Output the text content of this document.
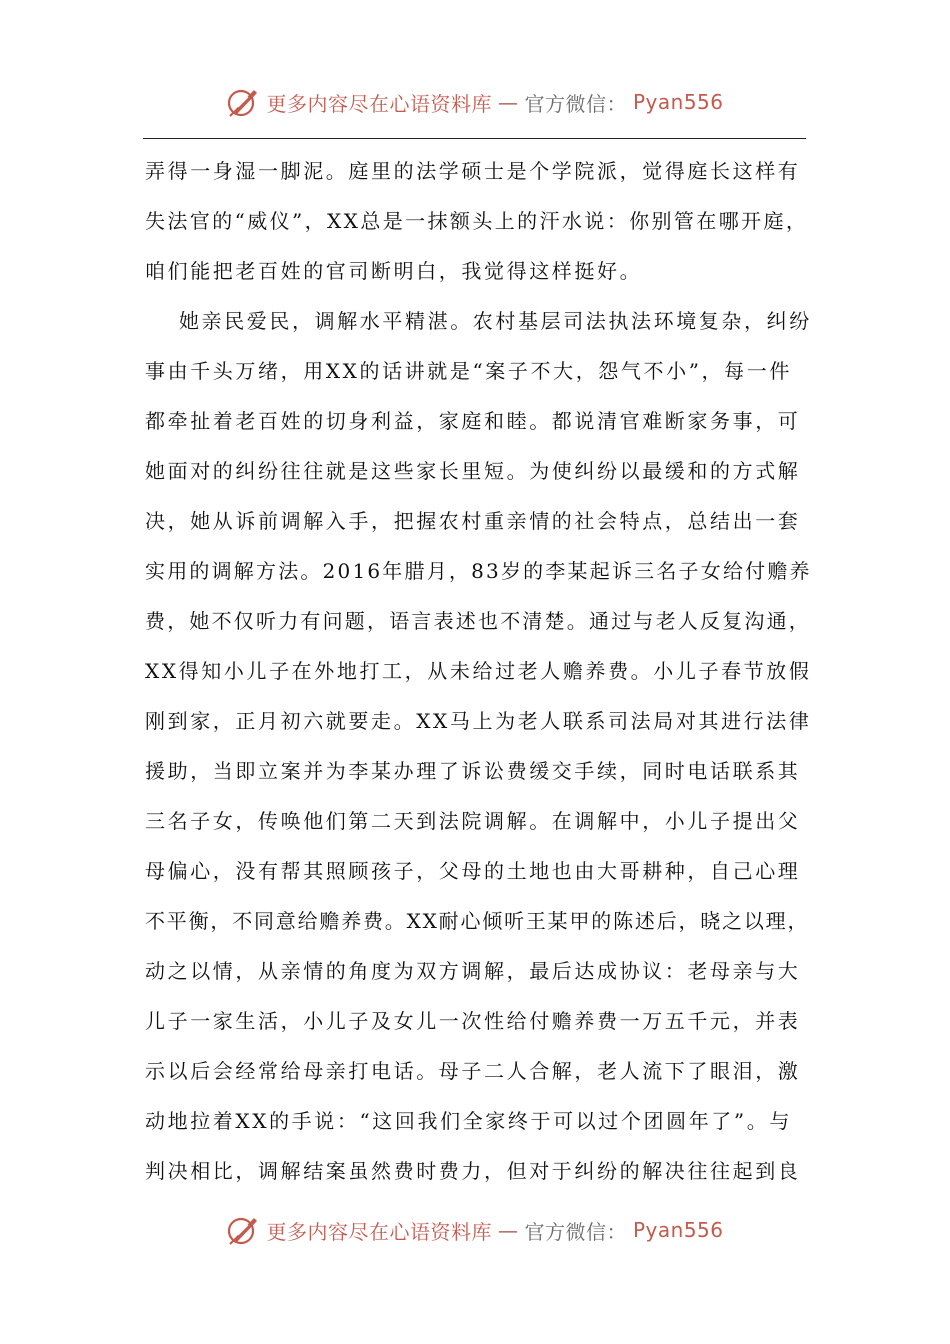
更多内容尽在心语资料库 — 官方微信： Pyan556
弄得一身湿一脚泥。庭里的法学硕士是个学院派，觉得庭长这样有
失法官的“威仪”，XX总是一抹额头上的汗水说：你别管在哪开庭，
咱们能把老百姓的官司断明白，我觉得这样挺好。
她亲民爱民，调解水平精湛。农村基层司法执法环境复杂，纠纷
事由千头万绪，用XX的话讲就是“案子不大，怨气不小”，每一件
都牵扯着老百姓的切身利益，家庭和睦。都说清官难断家务事，可
她面对的纠纷往往就是这些家长里短。为使纠纷以最缓和的方式解
决，她从诉前调解入手，把握农村重亲情的社会特点，总结出一套
实用的调解方法。2016年腊月，83岁的李某起诉三名子女给付赡养
费，她不仅听力有问题，语言表述也不清楚。通过与老人反复沟通，
XX得知小儿子在外地打工，从未给过老人赡养费。小儿子春节放假
刚到家，正月初六就要走。XX马上为老人联系司法局对其进行法律
援助，当即立案并为李某办理了诉讼费缓交手续，同时电话联系其
三名子女，传唤他们第二天到法院调解。在调解中，小儿子提出父
母偏心，没有帮其照顾孩子，父母的土地也由大哥耕种，自己心理
不平衡，不同意给赡养费。XX耐心倾听王某甲的陈述后，晓之以理，
动之以情，从亲情的角度为双方调解，最后达成协议：老母亲与大
儿子一家生活，小儿子及女儿一次性给付赡养费一万五千元，并表
示以后会经常给母亲打电话。母子二人合解，老人流下了眼泪，激
动地拉着XX的手说：“这回我们全家终于可以过个团圆年了”。与
判决相比，调解结案虽然费时费力，但对于纠纷的解决往往起到良
更多内容尽在心语资料库 — 官方微信： Pyan556
